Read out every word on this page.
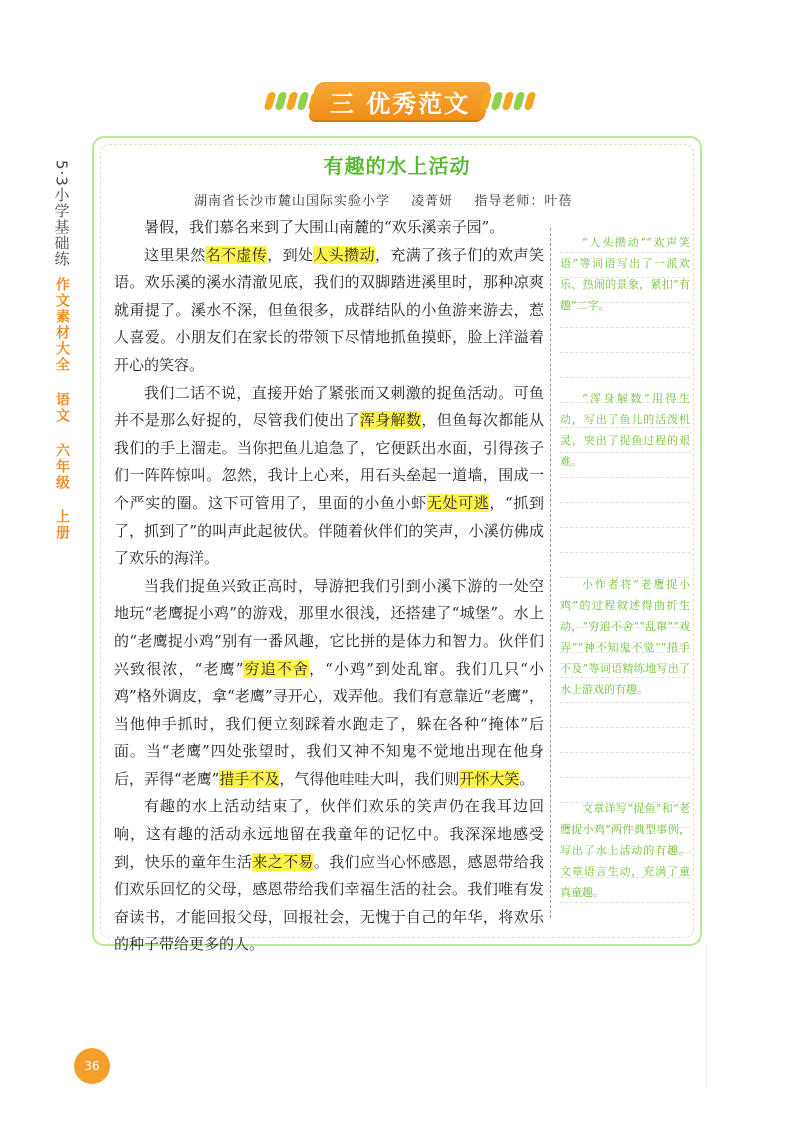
5·3小学基础练
作文素材大全 语文 六年级 上册
三 优秀范文
有趣的水上活动
湖南省长沙市麓山国际实验小学 凌菁妍 指导老师：叶蓓

暑假，我们慕名来到了大围山南麓的“欢乐溪亲子园”。

这里果然名不虚传，到处人头攒动，充满了孩子们的欢声笑语。欢乐溪的溪水清澈见底，我们的双脚踏进溪里时，那种凉爽就甭提了。溪水不深，但鱼很多，成群结队的小鱼游来游去，惹人喜爱。小朋友们在家长的带领下尽情地抓鱼摸虾，脸上洋溢着开心的笑容。

我们二话不说，直接开始了紧张而又刺激的捉鱼活动。可鱼并不是那么好捉的，尽管我们使出了浑身解数，但鱼每次都能从我们的手上溜走。当你把鱼儿追急了，它便跃出水面，引得孩子们一阵阵惊叫。忽然，我计上心来，用石头垒起一道墙，围成一个严实的圈。这下可管用了，里面的小鱼小虾无处可逃，“抓到了，抓到了”的叫声此起彼伏。伴随着伙伴们的笑声，小溪仿佛成了欢乐的海洋。

当我们捉鱼兴致正高时，导游把我们引到小溪下游的一处空地玩“老鹰捉小鸡”的游戏，那里水很浅，还搭建了“城堡”。水上的“老鹰捉小鸡”别有一番风趣，它比拼的是体力和智力。伙伴们兴致很浓，“老鹰”穷追不舍，“小鸡”到处乱窜。我们几只“小鸡”格外调皮，拿“老鹰”寻开心，戏弄他。我们有意靠近“老鹰”，当他伸手抓时，我们便立刻踩着水跑走了，躲在各种“掩体”后面。当“老鹰”四处张望时，我们又神不知鬼不觉地出现在他身后，弄得“老鹰”措手不及，气得他哇哇大叫，我们则开怀大笑。

有趣的水上活动结束了，伙伴们欢乐的笑声仍在我耳边回响，这有趣的活动永远地留在我童年的记忆中。我深深地感受到，快乐的童年生活来之不易。我们应当心怀感恩，感恩带给我们欢乐回忆的父母，感恩带给我们幸福生活的社会。我们唯有发奋读书，才能回报父母，回报社会，无愧于自己的年华，将欢乐的种子带给更多的人。

“人头攒动”“欢声笑语”等词语写出了一派欢乐、热闹的景象，紧扣“有趣”二字。
“浑身解数”用得生动，写出了鱼儿的活泼机灵，突出了捉鱼过程的艰难。
小作者将“老鹰捉小鸡”的过程叙述得曲折生动，“穷追不舍”“乱窜”“戏弄”“神不知鬼不觉”“措手不及”等词语精练地写出了水上游戏的有趣。
文章详写“捉鱼”和“老鹰捉小鸡”两件典型事例，写出了水上活动的有趣。文章语言生动，充满了童真童趣。
36
